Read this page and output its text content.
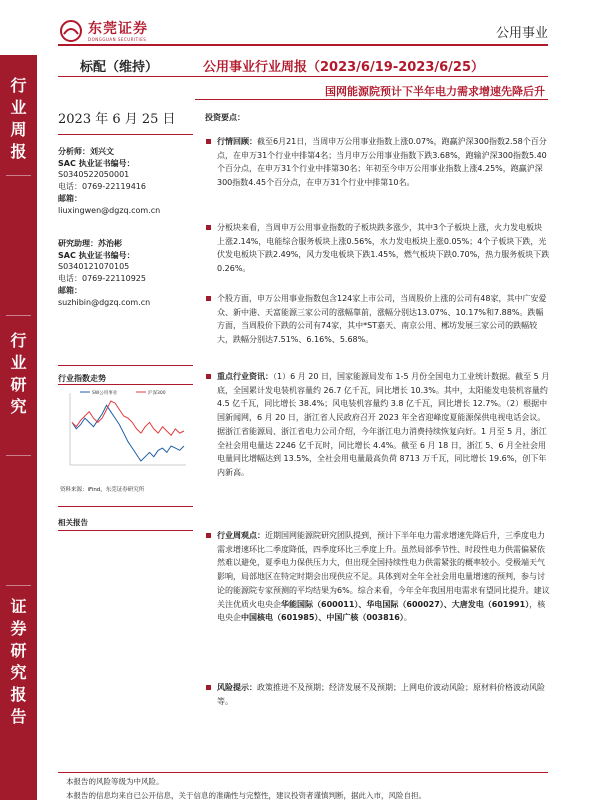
东莞证券
DONGGUAN SECURITIES	公用事业
行
业
周
报
行
业
研
究
证
券
研
究
报
告
标配（维持）	公用事业行业周报（2023/6/19-2023/6/25）
国网能源院预计下半年电力需求增速先降后升
2023 年 6 月 25 日
分析师：刘兴文
SAC 执业证书编号：
S0340522050001
电话：0769-22119416
邮箱：
liuxingwen@dgzq.com.cn
研究助理：苏治彬
SAC 执业证书编号：
S0340121070105
电话：0769-22110925
邮箱：
suzhibin@dgzq.com.cn
行业指数走势
SW公用事业	沪深300
资料来源：iFind，东莞证券研究所
相关报告
投资要点：
行情回顾：截至6月21日，当周申万公用事业指数上涨0.07%，跑赢沪深300指数2.58个百分点，在申万31个行业中排第4名；当月申万公用事业指数下跌3.68%，跑输沪深300指数5.40个百分点，在申万31个行业中排第30名；年初至今申万公用事业指数上涨4.25%，跑赢沪深300指数4.45个百分点，在申万31个行业中排第10名。
分板块来看，当周申万公用事业指数的子板块跌多涨少，其中3个子板块上涨，火力发电板块上涨2.14%，电能综合服务板块上涨0.56%，水力发电板块上涨0.05%；4个子板块下跌，光伏发电板块下跌2.49%，风力发电板块下跌1.45%，燃气板块下跌0.70%，热力服务板块下跌0.26%。
个股方面，申万公用事业指数包含124家上市公司，当周股价上涨的公司有48家，其中广安爱众、新中港、天富能源三家公司的涨幅靠前，涨幅分别达13.07%、10.17%和7.88%。跌幅方面，当周股价下跌的公司有74家，其中*ST嘉天、南京公用、郴坊发展三家公司的跌幅较大，跌幅分别达7.51%、6.16%、5.68%。
重点行业资讯：（1）6 月 20 日，国家能源局发布 1-5 月份全国电力工业统计数据。截至 5 月底，全国累计发电装机容量约 26.7 亿千瓦，同比增长 10.3%。其中，太阳能发电装机容量约 4.5 亿千瓦，同比增长 38.4%；风电装机容量约 3.8 亿千瓦，同比增长 12.7%。（2）根据中国新闻网，6 月 20 日，浙江省人民政府召开 2023 年全省迎峰度夏能源保供电视电话会议。据浙江省能源局、浙江省电力公司介绍，今年浙江电力消费持续恢复向好。1 月至 5 月，浙江全社会用电量达 2246 亿千瓦时，同比增长 4.4%。截至 6 月 18 日，浙江 5、6 月全社会用电量同比增幅达到 13.5%，全社会用电量最高负荷 8713 万千瓦，同比增长 19.6%，创下年内新高。
行业周观点：近期国网能源院研究团队提到，预计下半年电力需求增速先降后升，三季度电力需求增速环比二季度降低，四季度环比三季度上升。虽然局部季节性、时段性电力供需偏紧依然难以避免，夏季电力保供压力大，但出现全国持续性电力供需紧张的概率较小。受极端天气影响，局部地区在特定时期会出现供应不足。具体到对全年全社会用电量增速的预判，参与讨论的能源院专家预测的平均结果为6%。综合来看，今年全年我国用电需求有望同比提升。建议关注优质火电央企华能国际（600011）、华电国际（600027）、大唐发电（601991），核电央企中国核电（601985）、中国广核（003816）。
风险提示：政策推进不及预期；经济发展不及预期；上网电价波动风险；原材料价格波动风险等。
本报告的风险等级为中风险。
本报告的信息均来自已公开信息，关于信息的准确性与完整性，建议投资者谨慎判断，据此入市，风险自担。
